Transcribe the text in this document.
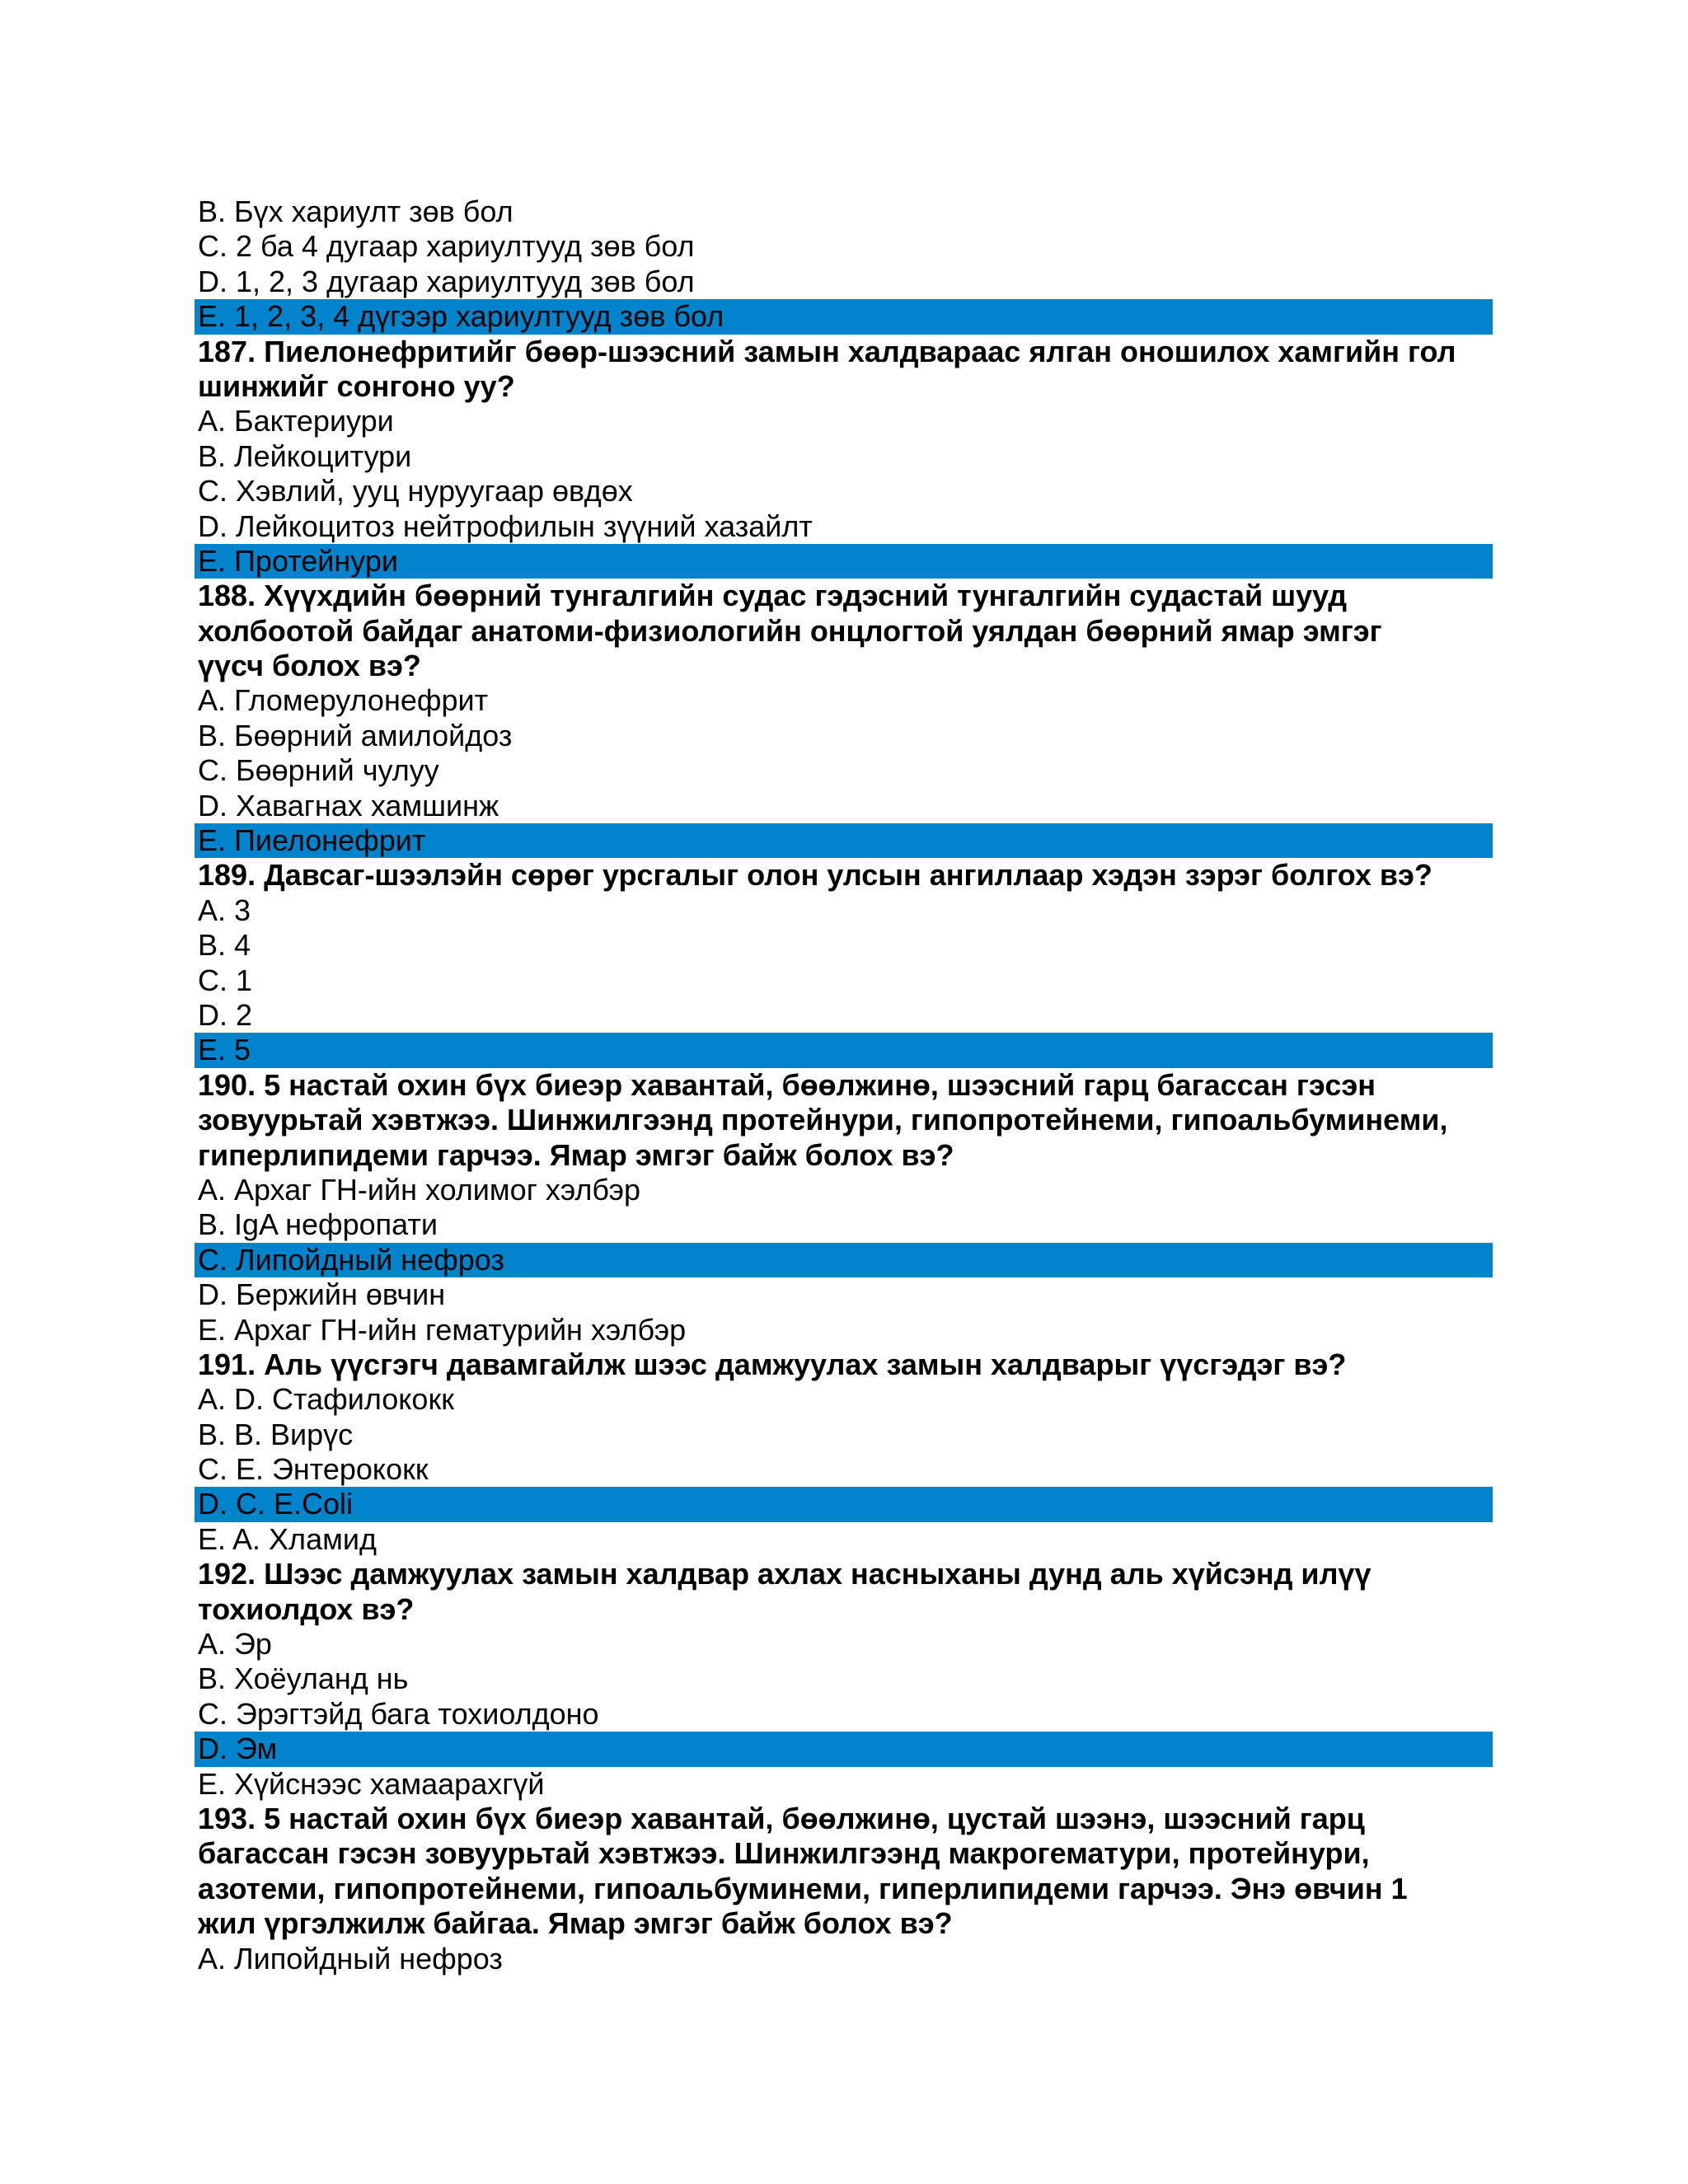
B. Бүх хариулт зөв бол
C. 2 ба 4 дугаар хариултууд зөв бол
D. 1, 2, 3 дугаар хариултууд зөв бол
E. 1, 2, 3, 4 дүгээр хариултууд зөв бол
187. Пиелонефритийг бөөр-шээсний замын халдвараас ялган оношилох хамгийн гол
шинжийг сонгоно уу?
A. Бактериури
B. Лейкоцитури
C. Хэвлий, ууц нуруугаар өвдөх
D. Лейкоцитоз нейтрофилын зүүний хазайлт
E. Протейнури
188. Хүүхдийн бөөрний тунгалгийн судас гэдэсний тунгалгийн судастай шууд
холбоотой байдаг анатоми-физиологийн онцлогтой уялдан бөөрний ямар эмгэг
үүсч болох вэ?
A. Гломерулонефрит
B. Бөөрний амилойдоз
C. Бөөрний чулуу
D. Хавагнах хамшинж
E. Пиелонефрит
189. Давсаг-шээлэйн сөрөг урсгалыг олон улсын ангиллаар хэдэн зэрэг болгох вэ?
A. 3
B. 4
C. 1
D. 2
E. 5
190. 5 настай охин бүх биеэр хавантай, бөөлжинө, шээсний гарц багассан гэсэн
зовуурьтай хэвтжээ. Шинжилгээнд протейнури, гипопротейнеми, гипоальбуминеми,
гиперлипидеми гарчээ. Ямар эмгэг байж болох вэ?
A. Архаг ГН-ийн холимог хэлбэр
B. IgA нефропати
C. Липойдный нефроз
D. Бержийн өвчин
E. Архаг ГН-ийн гематурийн хэлбэр
191. Аль үүсгэгч давамгайлж шээс дамжуулах замын халдварыг үүсгэдэг вэ?
A. D. Стафилококк
B. B. Вирүс
C. E. Энтерококк
D. C. E.Coli
E. A. Хламид
192. Шээс дамжуулах замын халдвар ахлах насныханы дунд аль хүйсэнд илүү
тохиолдох вэ?
A. Эр
B. Хоёуланд нь
C. Эрэгтэйд бага тохиолдоно
D. Эм
E. Хүйснээс хамаарахгүй
193. 5 настай охин бүх биеэр хавантай, бөөлжинө, цустай шээнэ, шээсний гарц
багассан гэсэн зовуурьтай хэвтжээ. Шинжилгээнд макрогематури, протейнури,
азотеми, гипопротейнеми, гипоальбуминеми, гиперлипидеми гарчээ. Энэ өвчин 1
жил үргэлжилж байгаа. Ямар эмгэг байж болох вэ?
A. Липойдный нефроз
